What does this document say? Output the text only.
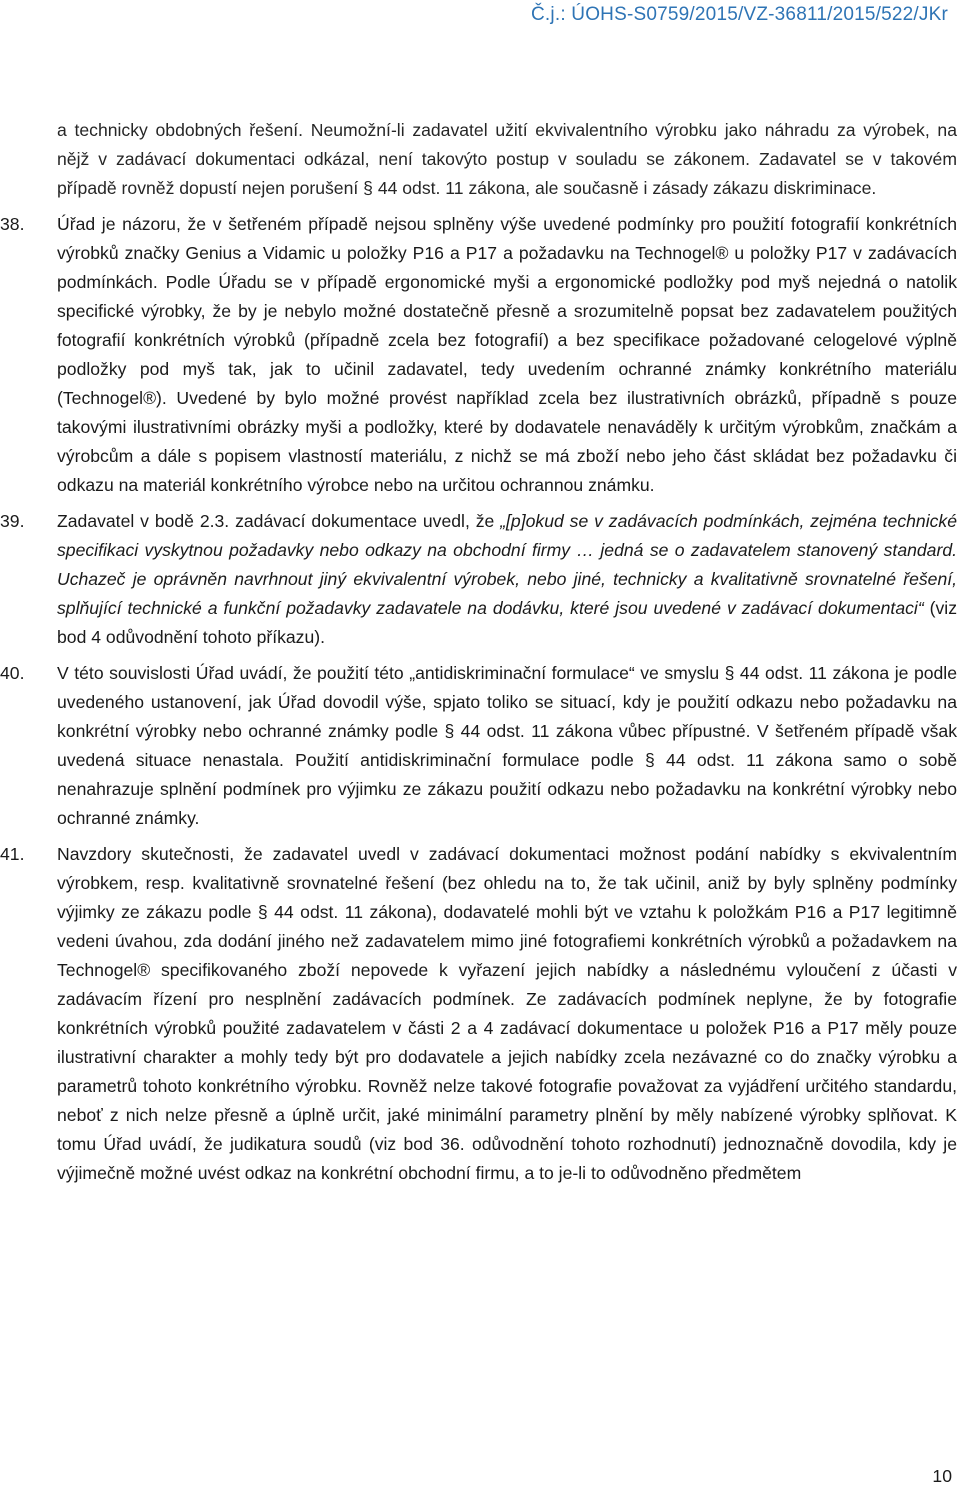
Č.j.: ÚOHS-S0759/2015/VZ-36811/2015/522/JKr

a technicky obdobných řešení. Neumožní-li zadavatel užití ekvivalentního výrobku jako náhradu za výrobek, na nějž v zadávací dokumentaci odkázal, není takovýto postup v souladu se zákonem. Zadavatel se v takovém případě rovněž dopustí nejen porušení § 44 odst. 11 zákona, ale současně i zásady zákazu diskriminace.

38.	Úřad je názoru, že v šetřeném případě nejsou splněny výše uvedené podmínky pro použití fotografií konkrétních výrobků značky Genius a Vidamic u položky P16 a P17 a požadavku na Technogel® u položky P17 v zadávacích podmínkách. Podle Úřadu se v případě ergonomické myši a ergonomické podložky pod myš nejedná o natolik specifické výrobky, že by je nebylo možné dostatečně přesně a srozumitelně popsat bez zadavatelem použitých fotografií konkrétních výrobků (případně zcela bez fotografií) a bez specifikace požadované celogelové výplně podložky pod myš tak, jak to učinil zadavatel, tedy uvedením ochranné známky konkrétního materiálu (Technogel®). Uvedené by bylo možné provést například zcela bez ilustrativních obrázků, případně s pouze takovými ilustrativními obrázky myši a podložky, které by dodavatele nenaváděly k určitým výrobkům, značkám a výrobcům a dále s popisem vlastností materiálu, z nichž se má zboží nebo jeho část skládat bez požadavku či odkazu na materiál konkrétního výrobce nebo na určitou ochrannou známku.

39.	Zadavatel v bodě 2.3. zadávací dokumentace uvedl, že „[p]okud se v zadávacích podmínkách, zejména technické specifikaci vyskytnou požadavky nebo odkazy na obchodní firmy … jedná se o zadavatelem stanovený standard. Uchazeč je oprávněn navrhnout jiný ekvivalentní výrobek, nebo jiné, technicky a kvalitativně srovnatelné řešení, splňující technické a funkční požadavky zadavatele na dodávku, které jsou uvedené v zadávací dokumentaci“ (viz bod 4 odůvodnění tohoto příkazu).

40.	V této souvislosti Úřad uvádí, že použití této „antidiskriminační formulace“ ve smyslu § 44 odst. 11 zákona je podle uvedeného ustanovení, jak Úřad dovodil výše, spjato toliko se situací, kdy je použití odkazu nebo požadavku na konkrétní výrobky nebo ochranné známky podle § 44 odst. 11 zákona vůbec přípustné. V šetřeném případě však uvedená situace nenastala. Použití antidiskriminační formulace podle § 44 odst. 11 zákona samo o sobě nenahrazuje splnění podmínek pro výjimku ze zákazu použití odkazu nebo požadavku na konkrétní výrobky nebo ochranné známky.

41.	Navzdory skutečnosti, že zadavatel uvedl v zadávací dokumentaci možnost podání nabídky s ekvivalentním výrobkem, resp. kvalitativně srovnatelné řešení (bez ohledu na to, že tak učinil, aniž by byly splněny podmínky výjimky ze zákazu podle § 44 odst. 11 zákona), dodavatelé mohli být ve vztahu k položkám P16 a P17 legitimně vedeni úvahou, zda dodání jiného než zadavatelem mimo jiné fotografiemi konkrétních výrobků a požadavkem na Technogel® specifikovaného zboží nepovede k vyřazení jejich nabídky a následnému vyloučení z účasti v zadávacím řízení pro nesplnění zadávacích podmínek. Ze zadávacích podmínek neplyne, že by fotografie konkrétních výrobků použité zadavatelem v části 2 a 4 zadávací dokumentace u položek P16 a P17 měly pouze ilustrativní charakter a mohly tedy být pro dodavatele a jejich nabídky zcela nezávazné co do značky výrobku a parametrů tohoto konkrétního výrobku. Rovněž nelze takové fotografie považovat za vyjádření určitého standardu, neboť z nich nelze přesně a úplně určit, jaké minimální parametry plnění by měly nabízené výrobky splňovat. K tomu Úřad uvádí, že judikatura soudů (viz bod 36. odůvodnění tohoto rozhodnutí) jednoznačně dovodila, kdy je výjimečně možné uvést odkaz na konkrétní obchodní firmu, a to je-li to odůvodněno předmětem

10
